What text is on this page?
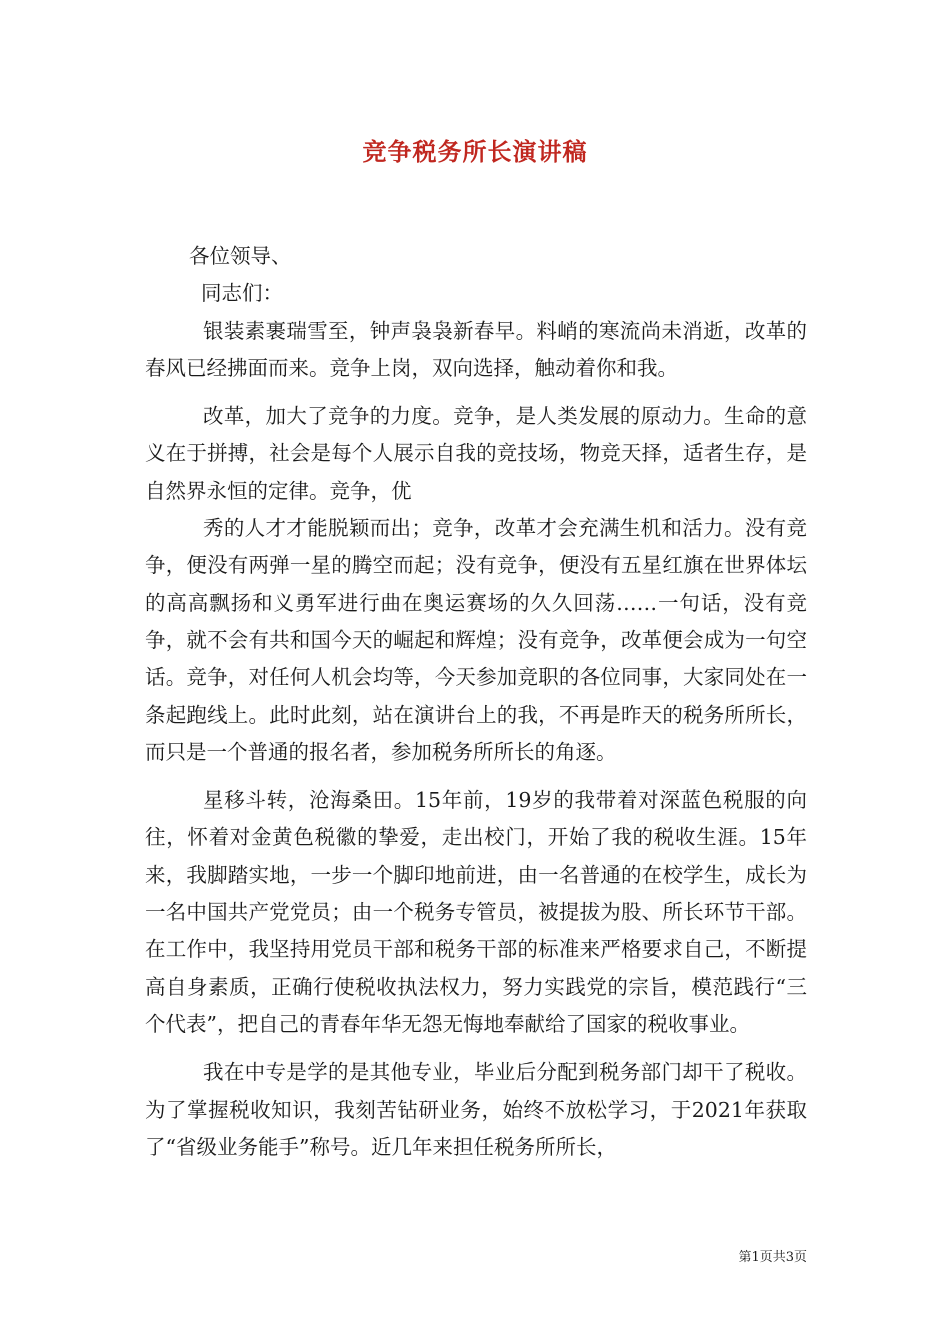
竞争税务所长演讲稿

各位领导、

同志们：

银装素裹瑞雪至，钟声袅袅新春早。料峭的寒流尚未消逝，改革的春风已经拂面而来。竞争上岗，双向选择，触动着你和我。

改革，加大了竞争的力度。竞争，是人类发展的原动力。生命的意义在于拼搏，社会是每个人展示自我的竞技场，物竞天择，适者生存，是自然界永恒的定律。竞争，优

秀的人才才能脱颖而出；竞争，改革才会充满生机和活力。没有竞争，便没有两弹一星的腾空而起；没有竞争，便没有五星红旗在世界体坛的高高飘扬和义勇军进行曲在奥运赛场的久久回荡……一句话，没有竞争，就不会有共和国今天的崛起和辉煌；没有竞争，改革便会成为一句空话。竞争，对任何人机会均等，今天参加竞职的各位同事，大家同处在一条起跑线上。此时此刻，站在演讲台上的我，不再是昨天的税务所所长，而只是一个普通的报名者，参加税务所所长的角逐。

星移斗转，沧海桑田。15年前，19岁的我带着对深蓝色税服的向往，怀着对金黄色税徽的挚爱，走出校门，开始了我的税收生涯。15年来，我脚踏实地，一步一个脚印地前进，由一名普通的在校学生，成长为一名中国共产党党员；由一个税务专管员，被提拔为股、所长环节干部。在工作中，我坚持用党员干部和税务干部的标准来严格要求自己，不断提高自身素质，正确行使税收执法权力，努力实践党的宗旨，模范践行“三个代表”，把自己的青春年华无怨无悔地奉献给了国家的税收事业。

我在中专是学的是其他专业，毕业后分配到税务部门却干了税收。为了掌握税收知识，我刻苦钻研业务，始终不放松学习，于2021年获取了“省级业务能手”称号。近几年来担任税务所所长，

第1页共3页
